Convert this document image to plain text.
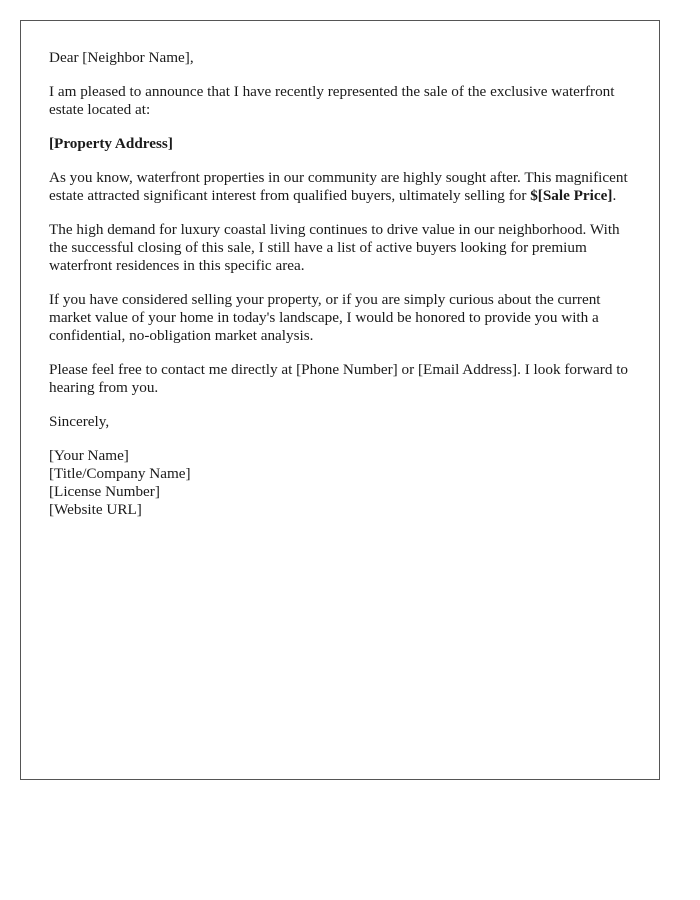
Dear [Neighbor Name],

I am pleased to announce that I have recently represented the sale of the exclusive waterfront estate located at:

[Property Address]

As you know, waterfront properties in our community are highly sought after. This magnificent estate attracted significant interest from qualified buyers, ultimately selling for $[Sale Price].

The high demand for luxury coastal living continues to drive value in our neighborhood. With the successful closing of this sale, I still have a list of active buyers looking for premium waterfront residences in this specific area.

If you have considered selling your property, or if you are simply curious about the current market value of your home in today's landscape, I would be honored to provide you with a confidential, no-obligation market analysis.

Please feel free to contact me directly at [Phone Number] or [Email Address]. I look forward to hearing from you.

Sincerely,

[Your Name]
[Title/Company Name]
[License Number]
[Website URL]
